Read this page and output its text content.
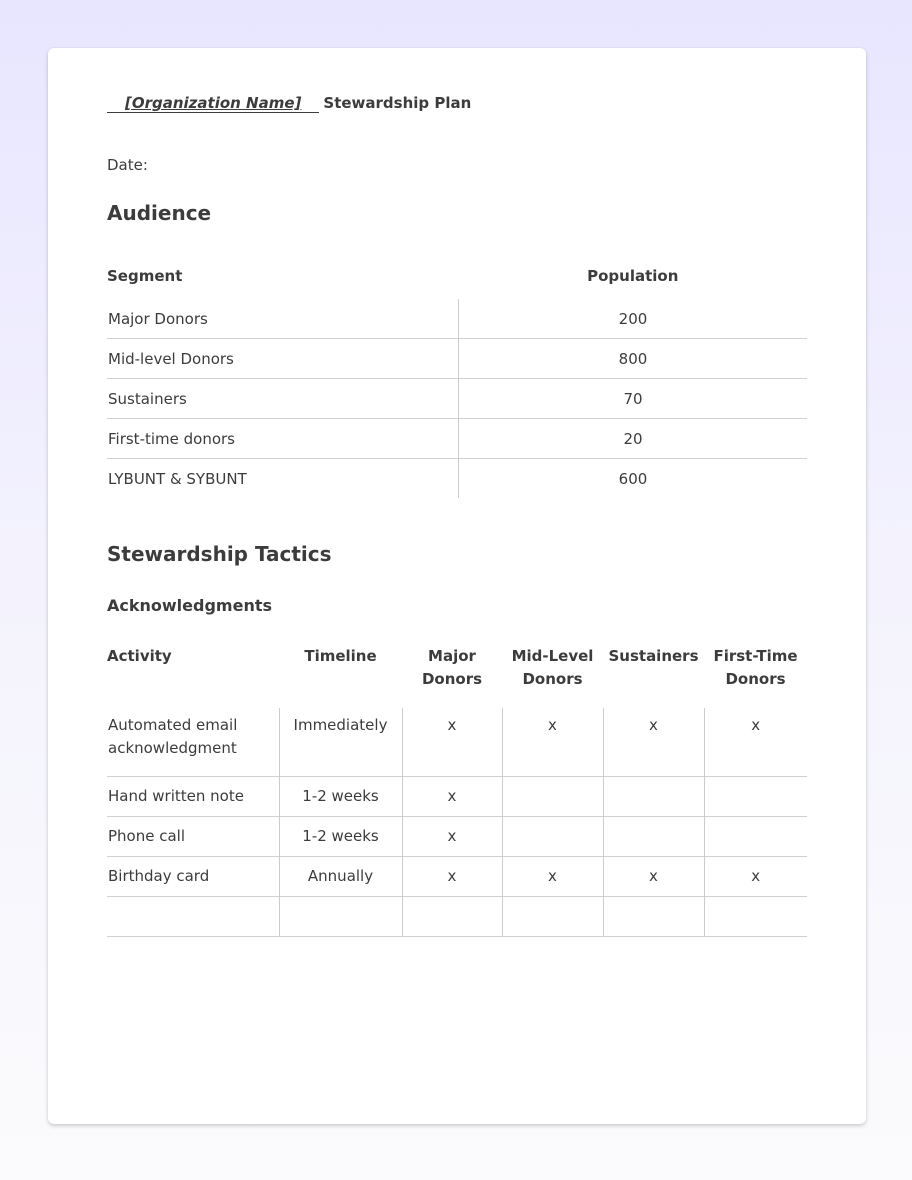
[Organization Name] Stewardship Plan
Date:
Audience
Segment	Population
Major Donors	200
Mid-level Donors	800
Sustainers	70
First-time donors	20
LYBUNT & SYBUNT	600
Stewardship Tactics
Acknowledgments
Activity	Timeline	Major Donors	Mid-Level Donors	Sustainers	First-Time Donors
Automated email acknowledgment	Immediately	x	x	x	x
Hand written note	1-2 weeks	x			
Phone call	1-2 weeks	x			
Birthday card	Annually	x	x	x	x
